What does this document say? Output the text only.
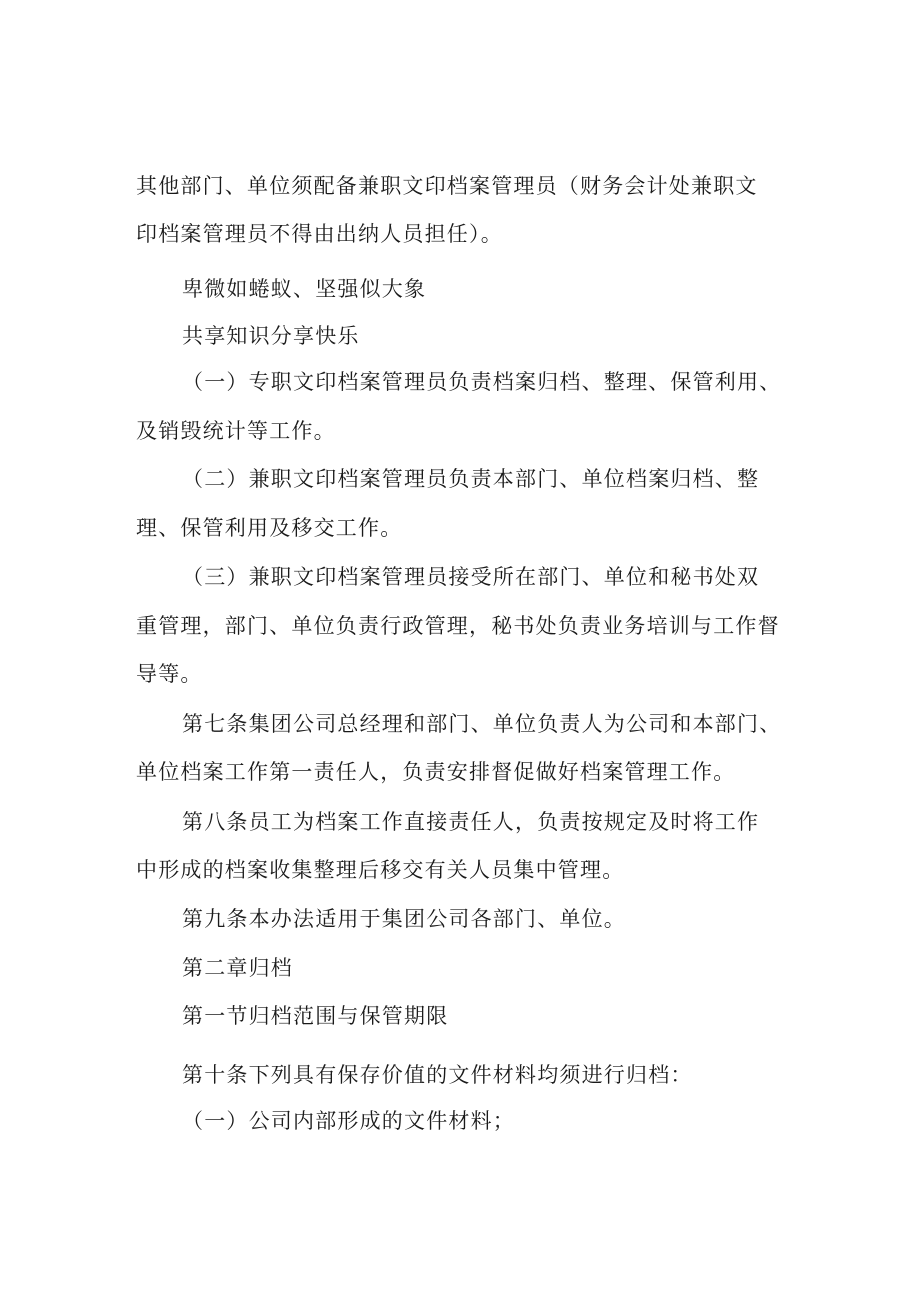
其他部门、单位须配备兼职文印档案管理员（财务会计处兼职文
印档案管理员不得由出纳人员担任）。
卑微如蜷蚁、坚强似大象
共享知识分享快乐
（一）专职文印档案管理员负责档案归档、整理、保管利用、
及销毁统计等工作。
（二）兼职文印档案管理员负责本部门、单位档案归档、整
理、保管利用及移交工作。
（三）兼职文印档案管理员接受所在部门、单位和秘书处双
重管理，部门、单位负责行政管理，秘书处负责业务培训与工作督
导等。
第七条集团公司总经理和部门、单位负责人为公司和本部门、
单位档案工作第一责任人，负责安排督促做好档案管理工作。
第八条员工为档案工作直接责任人，负责按规定及时将工作
中形成的档案收集整理后移交有关人员集中管理。
第九条本办法适用于集团公司各部门、单位。
第二章归档
第一节归档范围与保管期限
第十条下列具有保存价值的文件材料均须进行归档：
（一）公司内部形成的文件材料；
